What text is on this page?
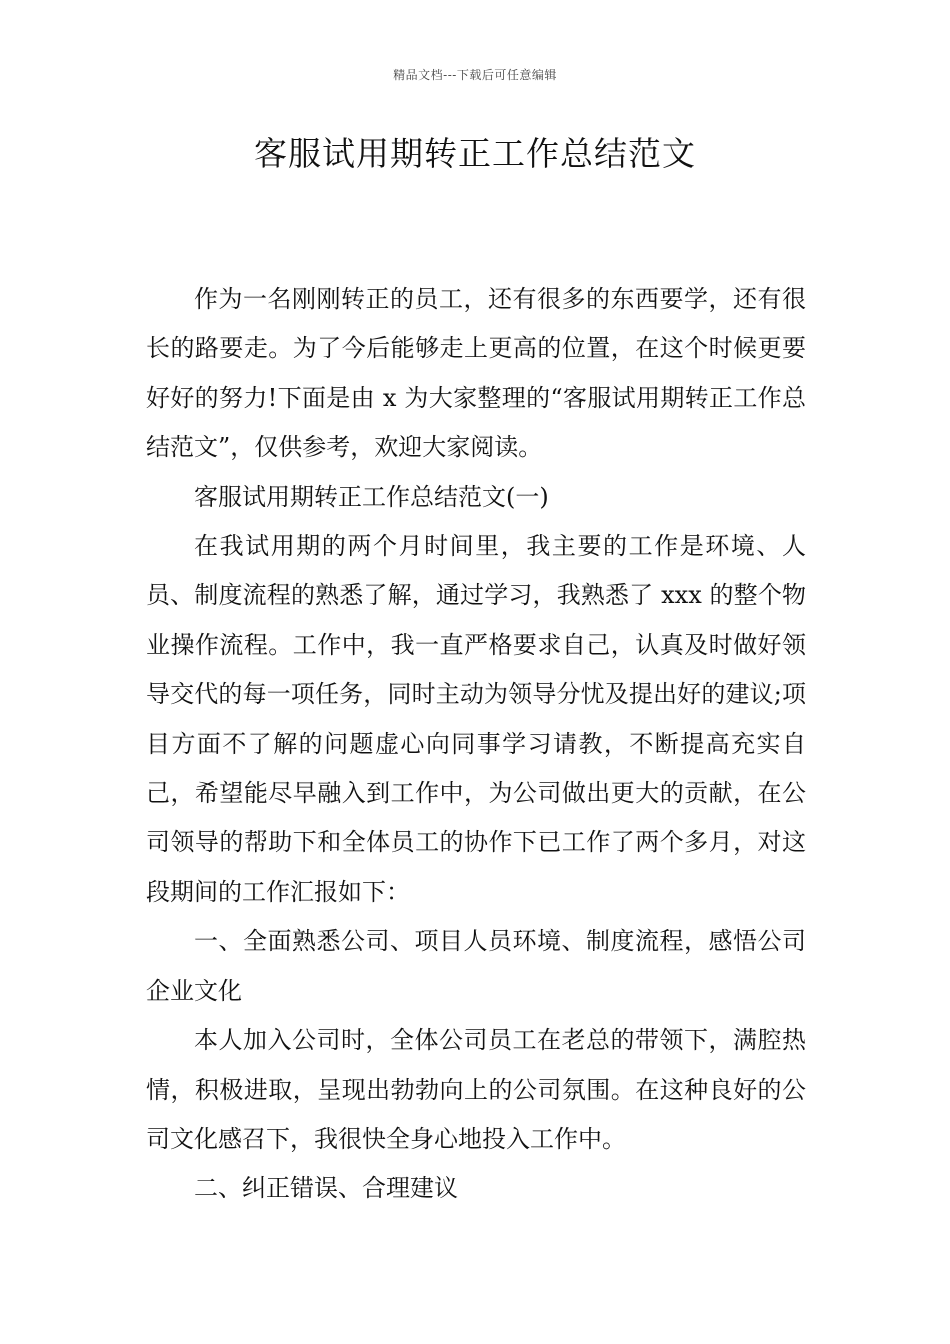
精品文档---下载后可任意编辑
客服试用期转正工作总结范文

作为一名刚刚转正的员工，还有很多的东西要学，还有很长的路要走。为了今后能够走上更高的位置，在这个时候更要好好的努力!下面是由 x 为大家整理的“客服试用期转正工作总结范文”，仅供参考，欢迎大家阅读。

客服试用期转正工作总结范文(一)

在我试用期的两个月时间里，我主要的工作是环境、人员、制度流程的熟悉了解，通过学习，我熟悉了 xxx 的整个物业操作流程。工作中，我一直严格要求自己，认真及时做好领导交代的每一项任务，同时主动为领导分忧及提出好的建议;项目方面不了解的问题虚心向同事学习请教，不断提高充实自己，希望能尽早融入到工作中，为公司做出更大的贡献，在公司领导的帮助下和全体员工的协作下已工作了两个多月，对这段期间的工作汇报如下：

一、全面熟悉公司、项目人员环境、制度流程，感悟公司企业文化

本人加入公司时，全体公司员工在老总的带领下，满腔热情，积极进取，呈现出勃勃向上的公司氛围。在这种良好的公司文化感召下，我很快全身心地投入工作中。

二、纠正错误、合理建议
